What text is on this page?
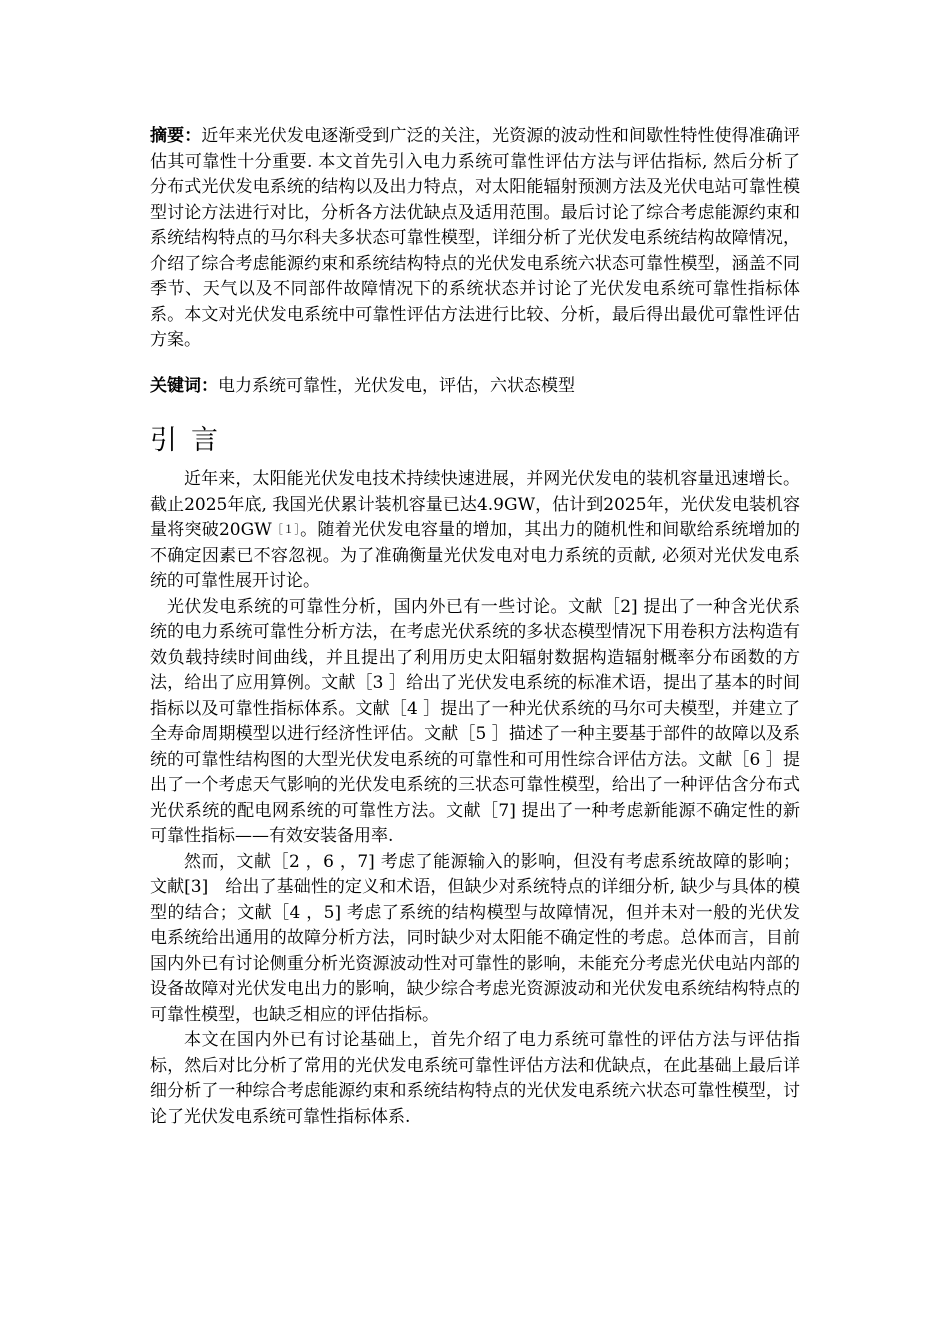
摘要：近年来光伏发电逐渐受到广泛的关注，光资源的波动性和间歇性特性使得准确评估其可靠性十分重要. 本文首先引入电力系统可靠性评估方法与评估指标, 然后分析了分布式光伏发电系统的结构以及出力特点，对太阳能辐射预测方法及光伏电站可靠性模型讨论方法进行对比，分析各方法优缺点及适用范围。最后讨论了综合考虑能源约束和系统结构特点的马尔科夫多状态可靠性模型，详细分析了光伏发电系统结构故障情况，介绍了综合考虑能源约束和系统结构特点的光伏发电系统六状态可靠性模型，涵盖不同季节、天气以及不同部件故障情况下的系统状态并讨论了光伏发电系统可靠性指标体系。本文对光伏发电系统中可靠性评估方法进行比较、分析，最后得出最优可靠性评估方案。

关键词：电力系统可靠性，光伏发电，评估，六状态模型

引言

近年来，太阳能光伏发电技术持续快速进展，并网光伏发电的装机容量迅速增长。截止2025年底, 我国光伏累计装机容量已达4.9GW，估计到2025年，光伏发电装机容量将突破20GW$^{[1]}$。随着光伏发电容量的增加，其出力的随机性和间歇给系统增加的不确定因素已不容忽视。为了准确衡量光伏发电对电力系统的贡献, 必须对光伏发电系统的可靠性展开讨论。

光伏发电系统的可靠性分析，国内外已有一些讨论。文献［2] 提出了一种含光伏系统的电力系统可靠性分析方法，在考虑光伏系统的多状态模型情况下用卷积方法构造有效负载持续时间曲线，并且提出了利用历史太阳辐射数据构造辐射概率分布函数的方法，给出了应用算例。文献［3 ］给出了光伏发电系统的标准术语，提出了基本的时间指标以及可靠性指标体系。文献［4 ］提出了一种光伏系统的马尔可夫模型，并建立了全寿命周期模型以进行经济性评估。文献［5 ］描述了一种主要基于部件的故障以及系统的可靠性结构图的大型光伏发电系统的可靠性和可用性综合评估方法。文献［6 ］提出了一个考虑天气影响的光伏发电系统的三状态可靠性模型，给出了一种评估含分布式光伏系统的配电网系统的可靠性方法。文献［7] 提出了一种考虑新能源不确定性的新可靠性指标——有效安装备用率.

然而，文献［2 ，6 ，7] 考虑了能源输入的影响，但没有考虑系统故障的影响；文献[3]　给出了基础性的定义和术语，但缺少对系统特点的详细分析, 缺少与具体的模型的结合；文献［4 ，5] 考虑了系统的结构模型与故障情况，但并未对一般的光伏发电系统给出通用的故障分析方法，同时缺少对太阳能不确定性的考虑。总体而言，目前国内外已有讨论侧重分析光资源波动性对可靠性的影响，未能充分考虑光伏电站内部的设备故障对光伏发电出力的影响，缺少综合考虑光资源波动和光伏发电系统结构特点的可靠性模型，也缺乏相应的评估指标。

本文在国内外已有讨论基础上，首先介绍了电力系统可靠性的评估方法与评估指标，然后对比分析了常用的光伏发电系统可靠性评估方法和优缺点，在此基础上最后详细分析了一种综合考虑能源约束和系统结构特点的光伏发电系统六状态可靠性模型，讨论了光伏发电系统可靠性指标体系.
